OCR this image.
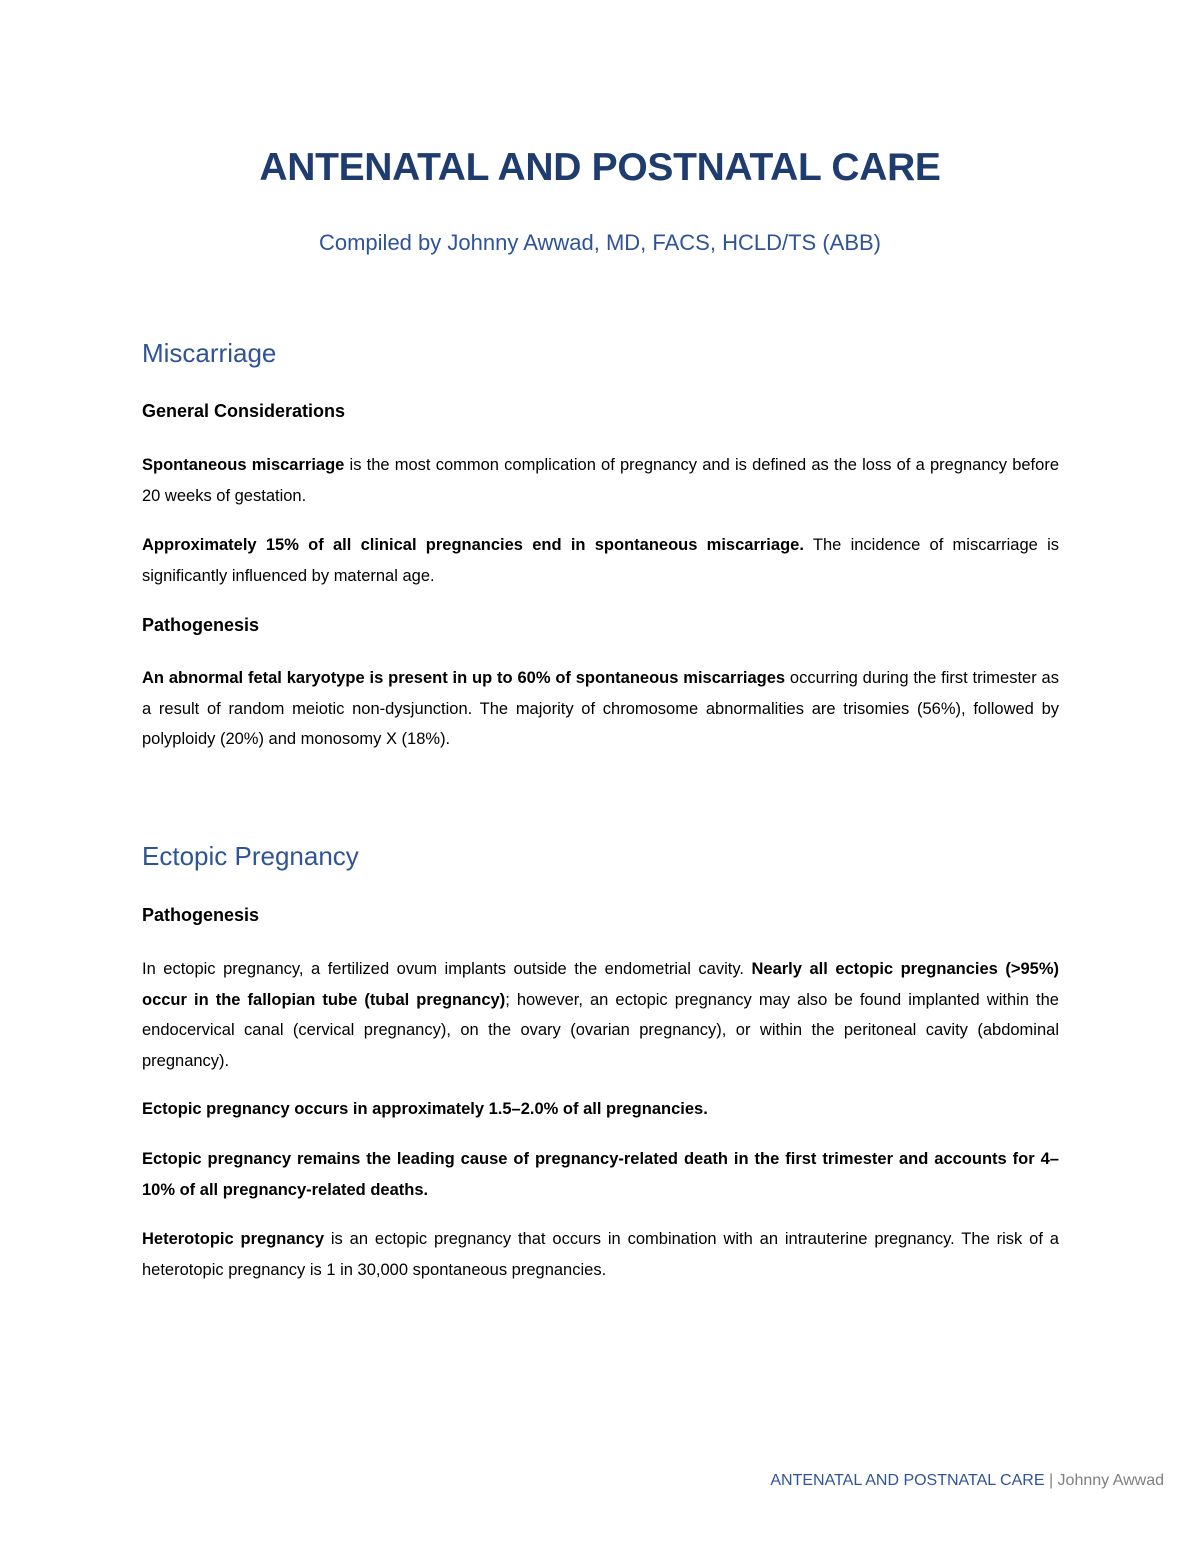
ANTENATAL AND POSTNATAL CARE

Compiled by Johnny Awwad, MD, FACS, HCLD/TS (ABB)

Miscarriage
General Considerations

Spontaneous miscarriage is the most common complication of pregnancy and is defined as the loss of a pregnancy before 20 weeks of gestation.

Approximately 15% of all clinical pregnancies end in spontaneous miscarriage. The incidence of miscarriage is significantly influenced by maternal age.

Pathogenesis

An abnormal fetal karyotype is present in up to 60% of spontaneous miscarriages occurring during the first trimester as a result of random meiotic non-dysjunction. The majority of chromosome abnormalities are trisomies (56%), followed by polyploidy (20%) and monosomy X (18%).

Ectopic Pregnancy
Pathogenesis

In ectopic pregnancy, a fertilized ovum implants outside the endometrial cavity. Nearly all ectopic pregnancies (>95%) occur in the fallopian tube (tubal pregnancy); however, an ectopic pregnancy may also be found implanted within the endocervical canal (cervical pregnancy), on the ovary (ovarian pregnancy), or within the peritoneal cavity (abdominal pregnancy).

Ectopic pregnancy occurs in approximately 1.5–2.0% of all pregnancies.

Ectopic pregnancy remains the leading cause of pregnancy-related death in the first trimester and accounts for 4–10% of all pregnancy-related deaths.

Heterotopic pregnancy is an ectopic pregnancy that occurs in combination with an intrauterine pregnancy. The risk of a heterotopic pregnancy is 1 in 30,000 spontaneous pregnancies.

ANTENATAL AND POSTNATAL CARE | Johnny Awwad
